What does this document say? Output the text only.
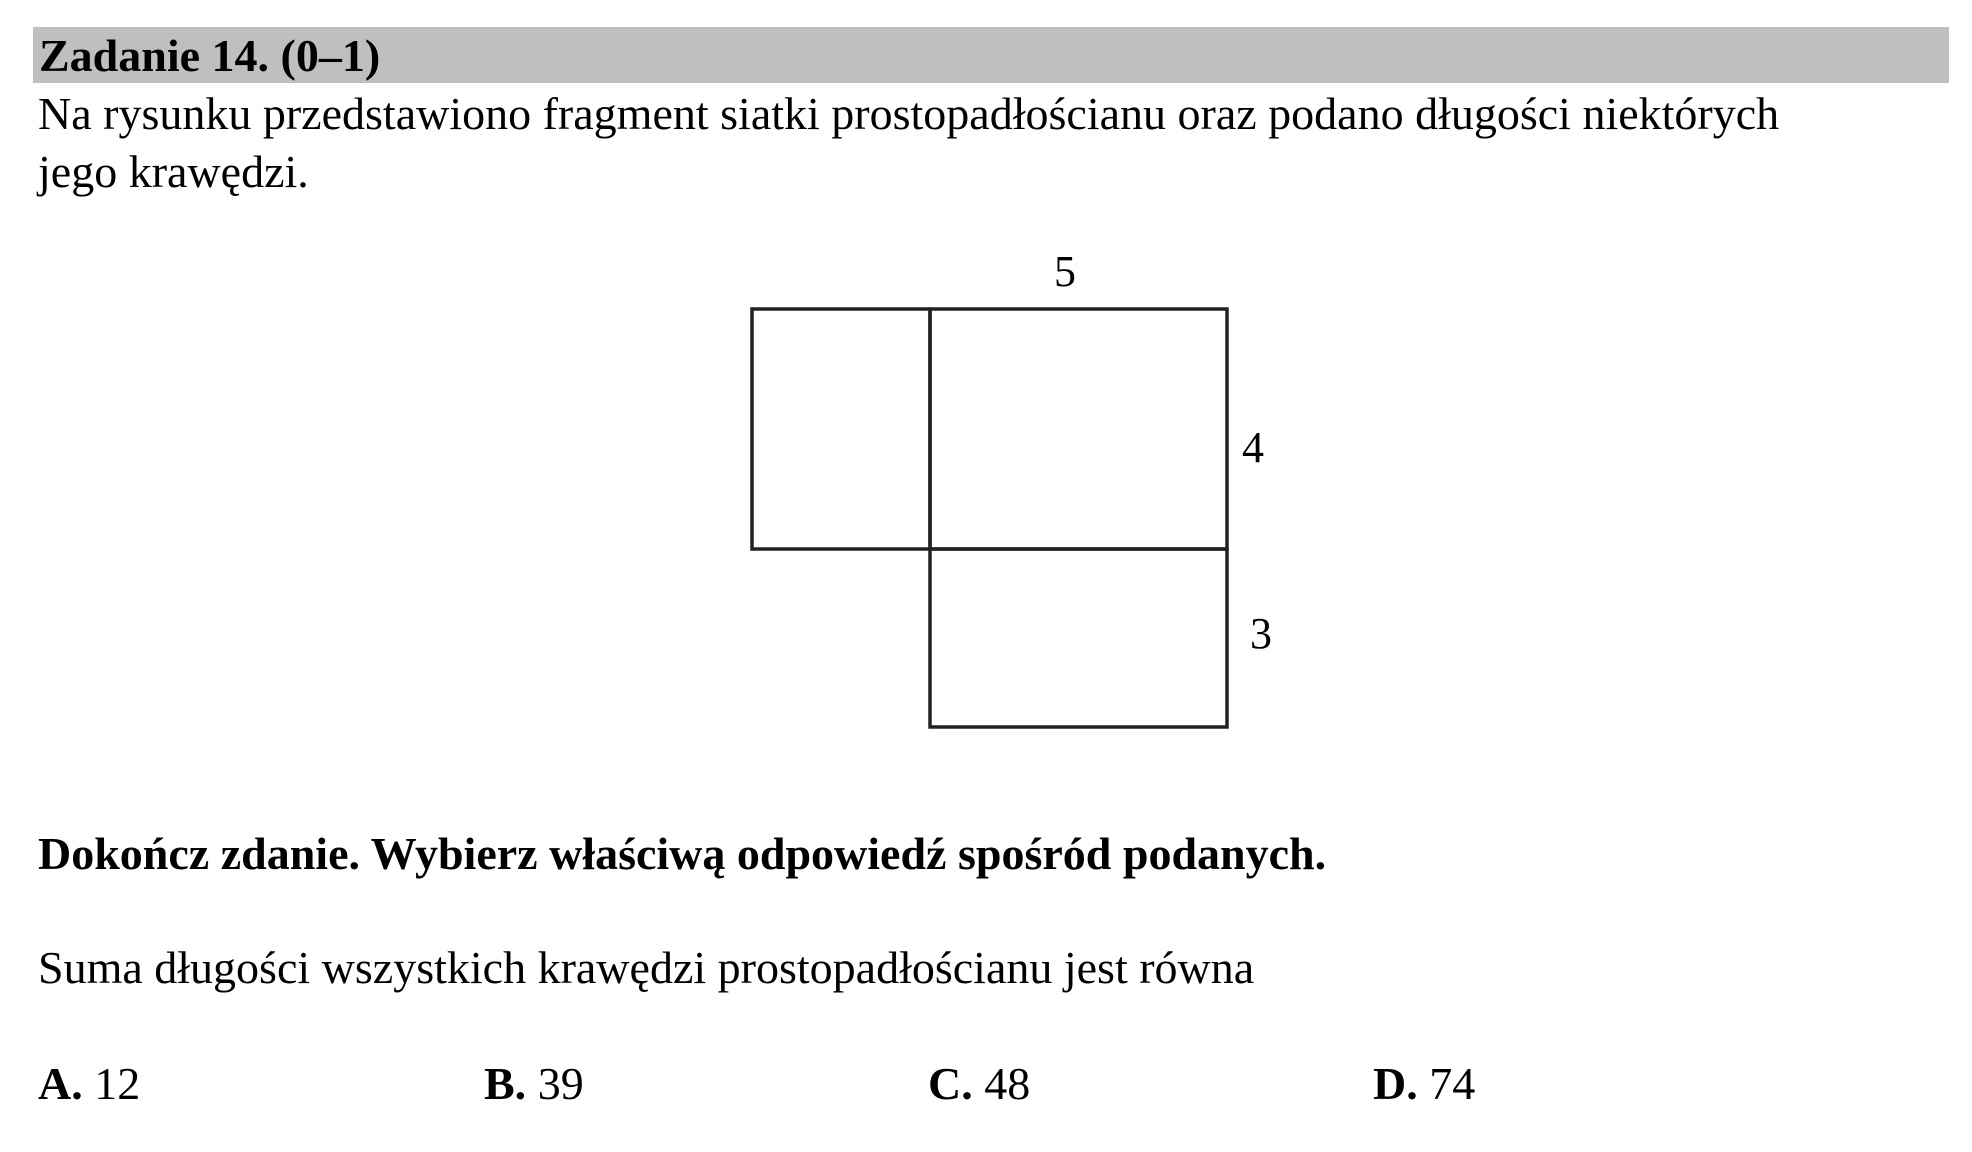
Zadanie 14. (0–1)
Na rysunku przedstawiono fragment siatki prostopadłościanu oraz podano długości niektórych
jego krawędzi.
5
4
3
Dokończ zdanie. Wybierz właściwą odpowiedź spośród podanych.
Suma długości wszystkich krawędzi prostopadłościanu jest równa
A. 12	B. 39	C. 48	D. 74
